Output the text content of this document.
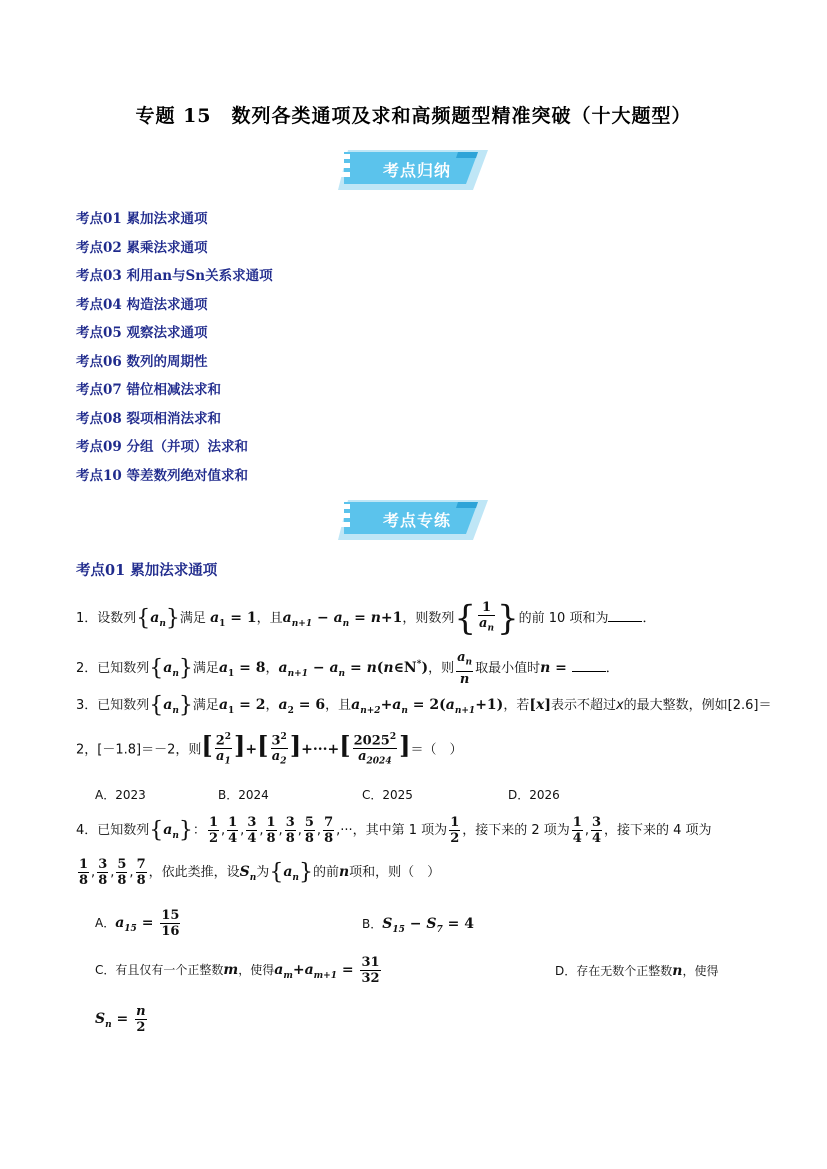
专题 15　数列各类通项及求和高频题型精准突破（十大题型）
考点归纳
考点01 累加法求通项
考点02 累乘法求通项
考点03 利用an与Sn关系求通项
考点04 构造法求通项
考点05 观察法求通项
考点06 数列的周期性
考点07 错位相减法求和
考点08 裂项相消法求和
考点09 分组（并项）法求和
考点10 等差数列绝对值求和
考点专练
考点01 累加法求通项
1．设数列$\{a_n\}$满足 $a_1 = 1$，且$a_{n+1} - a_n = n+1$，则数列{ $\frac{1}{a_n}$ }的前 10 项和为	．
2．已知数列$\{a_n\}$满足$a_1 = 8$，$a_{n+1} - a_n$ = n(n∈N*)，则 $\frac{a_n}{n}$ 取最小值时n =	．
3．已知数列$\{a_n\}$满足$a_1 = 2$，$a_2 = 6$，且$a_{n+2}+a_n = 2(a_{n+1}+1)$，若[x]表示不超过x的最大整数，例如[2.6]＝
2，[－1.8]＝－2，则[ $\frac{2^2}{a_1}$ ]+[ $\frac{3^2}{a_2}$ ]+···+[ $\frac{2025^2}{a_{2024}}$ ]＝（　）
A．2023	B．2024	C．2025	D．2026
4．已知数列$\{a_n\}$： $\frac{1}{2}$ , $\frac{1}{4}$ , $\frac{3}{4}$ , $\frac{1}{8}$ , $\frac{3}{8}$ , $\frac{5}{8}$ , $\frac{7}{8}$ ,···，其中第 1 项为 $\frac{1}{2}$ ，接下来的 2 项为 $\frac{1}{4}$ , $\frac{3}{4}$ ，接下来的 4 项为
$\frac{1}{8}$ , $\frac{3}{8}$ , $\frac{5}{8}$ , $\frac{7}{8}$ ，依此类推，设$S_n$为$\{a_n\}$的前n项和，则（　）
A．$a_{15} = \frac{15}{16}$	B．$S_{15} - S_7 = 4$
C．有且仅有一个正整数m，使得$a_m+a_{m+1} = \frac{31}{32}$	D．存在无数个正整数n，使得
$S_n = \frac{n}{2}$
